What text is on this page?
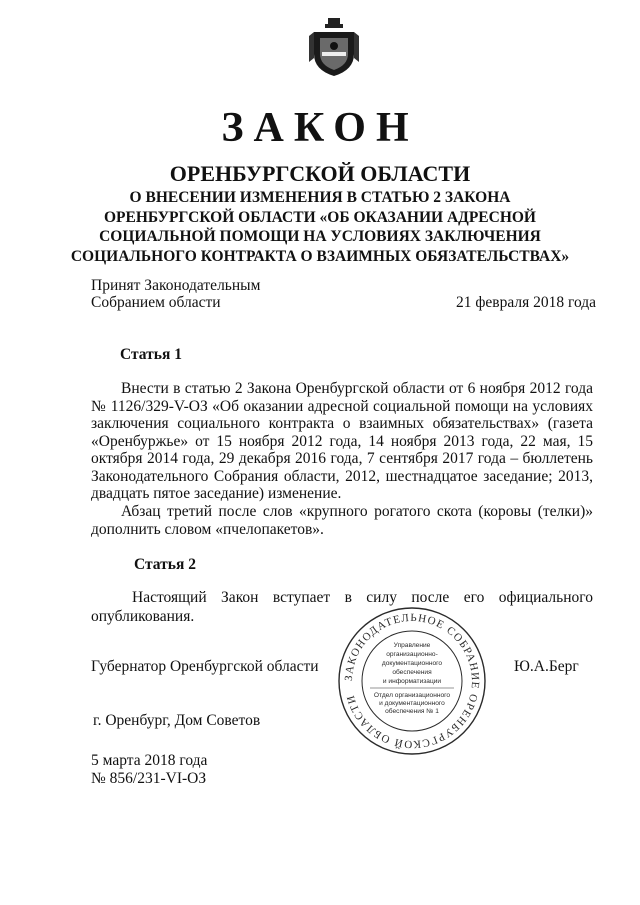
ЗАКОН
ОРЕНБУРГСКОЙ ОБЛАСТИ
О ВНЕСЕНИИ ИЗМЕНЕНИЯ В СТАТЬЮ 2 ЗАКОНА
ОРЕНБУРГСКОЙ ОБЛАСТИ «ОБ ОКАЗАНИИ АДРЕСНОЙ
СОЦИАЛЬНОЙ ПОМОЩИ НА УСЛОВИЯХ ЗАКЛЮЧЕНИЯ
СОЦИАЛЬНОГО КОНТРАКТА О ВЗАИМНЫХ ОБЯЗАТЕЛЬСТВАХ»
Принят Законодательным
Собранием области	21 февраля 2018 года
Статья 1

Внести в статью 2 Закона Оренбургской области от 6 ноября 2012 года № 1126/329-V-ОЗ «Об оказании адресной социальной помощи на условиях заключения социального контракта о взаимных обязательствах» (газета «Оренбуржье» от 15 ноября 2012 года, 14 ноября 2013 года, 22 мая, 15 октября 2014 года, 29 декабря 2016 года, 7 сентября 2017 года – бюллетень Законодательного Собрания области, 2012, шестнадцатое заседание; 2013, двадцать пятое заседание) изменение.

Абзац третий после слов «крупного рогатого скота (коровы (телки)» дополнить словом «пчелопакетов».

Статья 2

Настоящий Закон вступает в силу после его официального опубликования.

Губернатор Оренбургской области	Ю.А.Берг
ЗАКОНОДАТЕЛЬНОЕ СОБРАНИЕ ОРЕНБУРГСКОЙ ОБЛАСТИ
Управление
организационно-
документационного
обеспечения
и информатизации
Отдел организационного
и документационного
обеспечения № 1
г. Оренбург, Дом Советов
5 марта 2018 года
№ 856/231-VI-ОЗ
